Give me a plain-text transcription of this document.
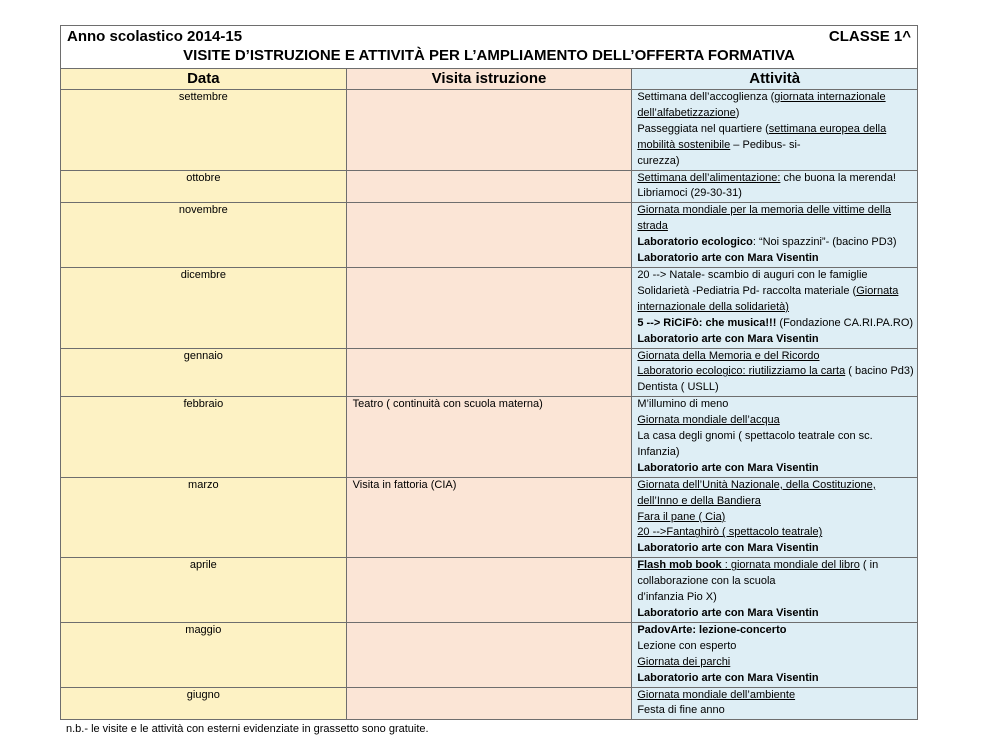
Anno scolastico 2014-15 CLASSE 1^
VISITE D’ISTRUZIONE E ATTIVITÀ PER L’AMPLIAMENTO DELL’OFFERTA FORMATIVA		

Data	Visita istruzione	Attività
settembre		Settimana dell’accoglienza (giornata internazionale dell’alfabetizzazione)
Passeggiata nel quartiere (settimana europea della mobilità sostenibile – Pedibus- si-
curezza)

ottobre		Settimana dell’alimentazione: che buona la merenda!
Libriamoci (29-30-31)

novembre		Giornata mondiale per la memoria delle vittime della strada
Laboratorio ecologico: “Noi spazzini”- (bacino PD3)
Laboratorio arte con Mara Visentin

dicembre		20 --> Natale- scambio di auguri con le famiglie
Solidarietà -Pediatria Pd- raccolta materiale (Giornata internazionale della solidarietà)
5 --> RiCiFò: che musica!!! (Fondazione CA.RI.PA.RO)
Laboratorio arte con Mara Visentin

gennaio		Giornata della Memoria e del Ricordo
Laboratorio ecologico: riutilizziamo la carta ( bacino Pd3)
Dentista ( USLL)

febbraio	Teatro ( continuità con scuola materna)	M’illumino di meno
Giornata mondiale dell’acqua
La casa degli gnomi ( spettacolo teatrale con sc. Infanzia)
Laboratorio arte con Mara Visentin

marzo	Visita in fattoria (CIA)	Giornata dell’Unità Nazionale, della Costituzione, dell’Inno e della Bandiera
Fara il pane ( Cia)
20 -->Fantaghirò ( spettacolo teatrale)
Laboratorio arte con Mara Visentin

aprile		Flash mob book : giornata mondiale del libro ( in collaborazione con la scuola
d’infanzia Pio X)
Laboratorio arte con Mara Visentin

maggio		PadovArte: lezione-concerto
Lezione con esperto
Giornata dei parchi
Laboratorio arte con Mara Visentin

giugno		Giornata mondiale dell’ambiente
Festa di fine anno
n.b.- le visite e le attività con esterni evidenziate in grassetto sono gratuite.
